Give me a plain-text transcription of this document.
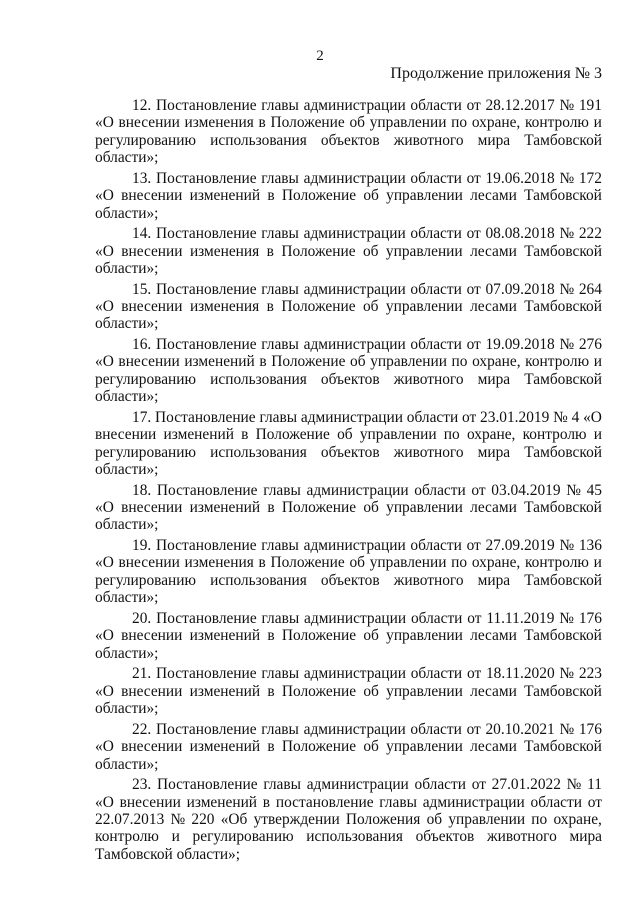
2
Продолжение приложения № 3
12. Постановление главы администрации области от 28.12.2017 № 191
«О внесении изменения в Положение об управлении по охране, контролю и
регулированию использования объектов животного мира Тамбовской
области»;
13. Постановление главы администрации области от 19.06.2018 № 172
«О внесении изменений в Положение об управлении лесами Тамбовской
области»;
14. Постановление главы администрации области от 08.08.2018 № 222
«О внесении изменения в Положение об управлении лесами Тамбовской
области»;
15. Постановление главы администрации области от 07.09.2018 № 264
«О внесении изменения в Положение об управлении лесами Тамбовской
области»;
16. Постановление главы администрации области от 19.09.2018 № 276
«О внесении изменений в Положение об управлении по охране, контролю и
регулированию использования объектов животного мира Тамбовской
области»;
17. Постановление главы администрации области от 23.01.2019 № 4 «О
внесении изменений в Положение об управлении по охране, контролю и
регулированию использования объектов животного мира Тамбовской
области»;
18. Постановление главы администрации области от 03.04.2019 № 45
«О внесении изменений в Положение об управлении лесами Тамбовской
области»;
19. Постановление главы администрации области от 27.09.2019 № 136
«О внесении изменения в Положение об управлении по охране, контролю и
регулированию использования объектов животного мира Тамбовской
области»;
20. Постановление главы администрации области от 11.11.2019 № 176
«О внесении изменений в Положение об управлении лесами Тамбовской
области»;
21. Постановление главы администрации области от 18.11.2020 № 223
«О внесении изменений в Положение об управлении лесами Тамбовской
области»;
22. Постановление главы администрации области от 20.10.2021 № 176
«О внесении изменений в Положение об управлении лесами Тамбовской
области»;
23. Постановление главы администрации области от 27.01.2022 № 11
«О внесении изменений в постановление главы администрации области от
22.07.2013 № 220 «Об утверждении Положения об управлении по охране,
контролю и регулированию использования объектов животного мира
Тамбовской области»;
